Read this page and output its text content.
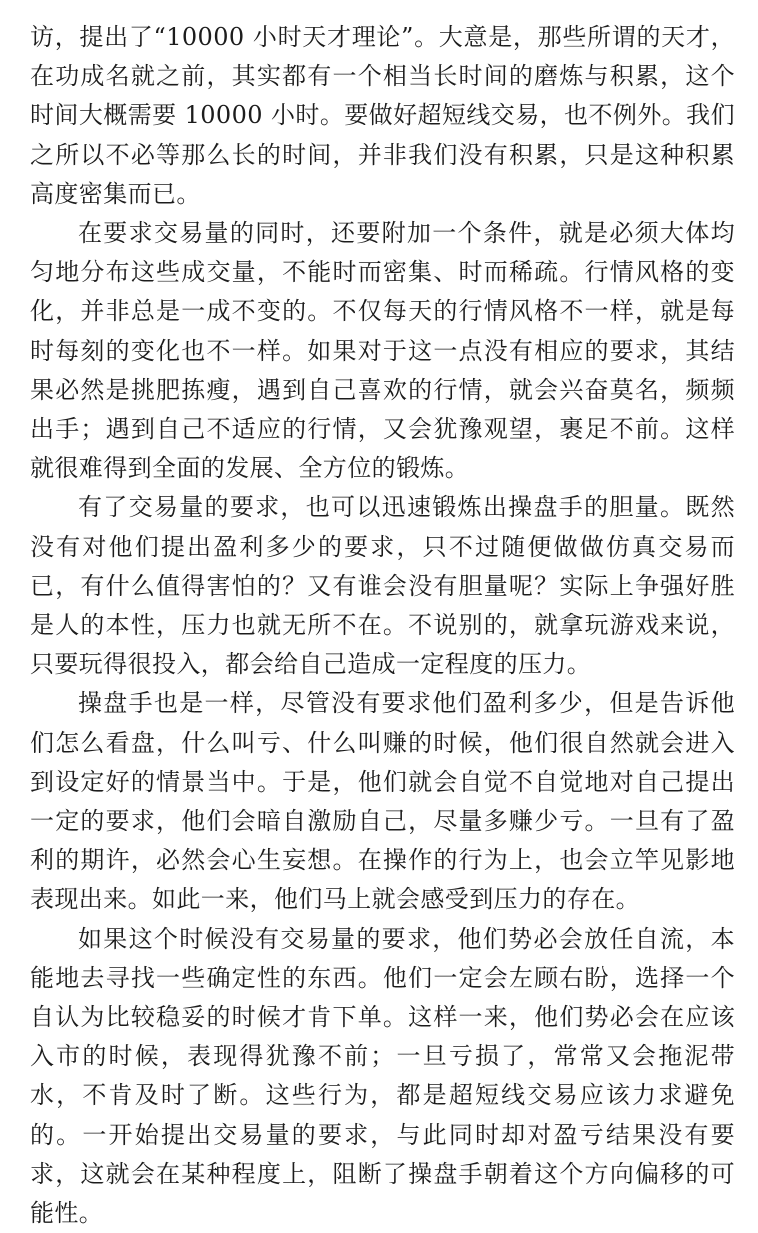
访，提出了“10000 小时天才理论”。大意是，那些所谓的天才，在功成名就之前，其实都有一个相当长时间的磨炼与积累，这个时间大概需要 10000 小时。要做好超短线交易，也不例外。我们之所以不必等那么长的时间，并非我们没有积累，只是这种积累高度密集而已。

在要求交易量的同时，还要附加一个条件，就是必须大体均匀地分布这些成交量，不能时而密集、时而稀疏。行情风格的变化，并非总是一成不变的。不仅每天的行情风格不一样，就是每时每刻的变化也不一样。如果对于这一点没有相应的要求，其结果必然是挑肥拣瘦，遇到自己喜欢的行情，就会兴奋莫名，频频出手；遇到自己不适应的行情，又会犹豫观望，裹足不前。这样就很难得到全面的发展、全方位的锻炼。

有了交易量的要求，也可以迅速锻炼出操盘手的胆量。既然没有对他们提出盈利多少的要求，只不过随便做做仿真交易而已，有什么值得害怕的？又有谁会没有胆量呢？实际上争强好胜是人的本性，压力也就无所不在。不说别的，就拿玩游戏来说，只要玩得很投入，都会给自己造成一定程度的压力。

操盘手也是一样，尽管没有要求他们盈利多少，但是告诉他们怎么看盘，什么叫亏、什么叫赚的时候，他们很自然就会进入到设定好的情景当中。于是，他们就会自觉不自觉地对自己提出一定的要求，他们会暗自激励自己，尽量多赚少亏。一旦有了盈利的期许，必然会心生妄想。在操作的行为上，也会立竿见影地表现出来。如此一来，他们马上就会感受到压力的存在。

如果这个时候没有交易量的要求，他们势必会放任自流，本能地去寻找一些确定性的东西。他们一定会左顾右盼，选择一个自认为比较稳妥的时候才肯下单。这样一来，他们势必会在应该入市的时候，表现得犹豫不前；一旦亏损了，常常又会拖泥带水，不肯及时了断。这些行为，都是超短线交易应该力求避免的。一开始提出交易量的要求，与此同时却对盈亏结果没有要求，这就会在某种程度上，阻断了操盘手朝着这个方向偏移的可能性。
